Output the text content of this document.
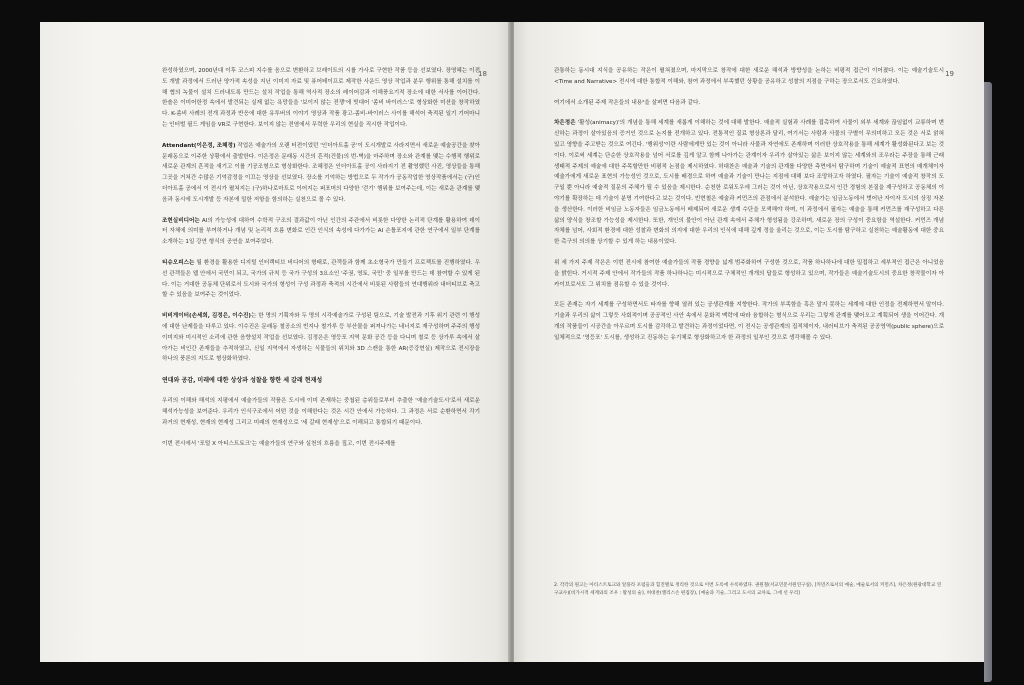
18

완성하였으며, 2000년대 이후 코스피 지수를 음으로 변환하고 브레이트의 시를 가사로 구현한 작품 등을 선보였다. 장영혜는 이전도 개발 과정에서 드러난 양가적 속성을 지닌 이미지 자료 및 퓨어테이프로 제작한 사운드 영상 작업과 분무 행위를 통해 설치를 이해 협의 녹물이 설치 드러내도록 만드는 설치 작업을 통해 역사적 장소의 레이어감과 이해풍요기적 장소에 대한 서사를 이어간다. 한솔은 이미어한정 속에서 발견되는 실제 없는 욕망들을 '보이지 않는 전쟁'에 빗대어 '좀비 바이러스'로 형상화한 미션을 창작하였다. K-좀비 사례의 전개 과정과 반응에 대한 유투버의 이야기 영상과 작품 광고-좀비-바이러스 사이를 해석어 축적된 일기 기어마니는 인터벌 필드 게임을 VR로 구현한다. 보이지 않는 전염에서 무력한 우리의 현실을 직시한 작업이다.

Attendant(이은정, 조혜정) 작업은 예술가의 오랜 터전이었던 '인더아트홀 공'이 도시개발로 사라지면서 새로운 예술공간을 찾아 문래동으로 이주한 상황에서 출발한다. 이은정은 문래동 시간의 흔적(건물)의 번-벽)을 마주하며 장소와 관계를 맺는 수행적 행위로 새로운 관계의 흔적을 새기고 이를 기공조형으로 형상화한다. 조혜정은 인더아트홀 공이 사라지기 전 촬영했던 사진, 영상들을 통해 그곳을 거쳐간 수많은 기억감정을 이끄는 영상을 선보였다. 장소를 기억하는 방법으로 두 작가가 공동작업한 영상작품에서는 (구)인더아트홀 공에서 이 전시가 펼쳐지는 (구)하나로마트로 이어지는 퍼포머의 다양한 '걷기' 행위를 보여주는데, 이는 새로운 관계를 맺음과 동시에 도시개발 등 자본에 밀한 저항을 함의하는 실천으로 볼 수 있다.

조현실비디어는 AI의 가능성에 대하여 수학적 구조의 결과값이 아닌 인간의 주관에서 비롯한 다양한 논리적 단계를 활용하여 데이터 자체에 의미를 부여하거나 개념 및 논리적 흐름 변화로 인간 인식의 속성에 다가가는 AI 손틀포지에 관한 연구에서 일부 단계를 소개하는 1일 강연 형식의 공연을 보여주었다.

티슈오피스는 월 환경을 활용한 디지털 인터랙티브 비디어의 형태로, 관객들과 함께 초소형국가 만들기 프로젝트를 진행하였다. 우선 관객들은 웹 안에서 국민이 되고, 국가의 규칙 등 국가 구성의 3요소인 '주권, 영토, 국민' 중 일부를 만드는 데 참여할 수 있게 된다. 이는 거대한 공동체 단위로서 도시와 국가의 형성이 구성 과정과 축적의 시간에서 비롯된 사람들의 연대행위라 내터티브로 축고할 수 있음을 보여주는 것이었다.

비비게이터(손세희, 김정은, 이수진)는 한 명의 기획자와 두 명의 시각예술가로 구성된 팀으로, 기술 발전과 기후 위기 관련 이 행성에 대한 난제들을 다루고 있다. 이수진은 문래동 철공소의 빈지나 철가루 등 부산물을 퍼져나가는 네너지로 재구성하며 주주의 행성 이미지와 미시적인 소리에 관한 음향설치 작업을 선보였다. 김정은은 영등포 지역 문화 공간 등을 다니며 철로 등 상가루 속에서 살아가는 비인간 존재들을 추적하였고, 신일 지역에서 자생하는 식물들의 위치와 3D 스캔을 통한 AR(증강현실) 제작으로 전시장을 하나의 풍론의 지도로 형상화하였다.

연대와 공감, 미래에 대한 상상과 성찰을 향한 세 갈래 현재성

우리의 이해와 해석의 지평에서 예술가들의 작품은 도시에 이미 존재하는 중첩된 층위들로부터 추출한 '예술기술도시'로서 새로운 해석가능성을 보여준다. 우리가 인식구조에서 어떤 것을 이해한다는 것은 시간 안에서 가능하다. 그 과정은 서로 순환하면서 각기 과거의 현재성, 현재의 현재성 그리고 미래의 현재성으로 '세 갈래 현재성'으로 이해되고 통합되기 때문이다.

이번 전시에서 '포털 X 아티스트토크'는 예술가들의 연구와 실천의 흐름을 짚고, 이번 전시주제를

19

관통하는 동시대 지식을 공유하는 작은이 펼쳐졌으며, 마지막으로 창작에 대한 새로운 해석과 방향성을 논하는 비평적 접근이 이어졌다. 이는 예술기술도시 <Time and Narrative> 전시에 대한 통합적 이해와, 참여 과정에서 부족했던 상황을 공유하고 성찰의 지점을 구하는 장으로서도 긴요하였다.

여기에서 소개된 주제 작은들의 내용²을 살펴면 다음과 같다.

차은정은 '활성(animacy)'의 개념을 통해 세계를 새롭게 이해하는 것에 대해 발한다. 예술적 실험과 사례를 접촉하여 사물이 외부 세계와 끊임없이 교류하며 변신하는 과정이 살아있음의 증거인 것으로 논지를 전개하고 있다. 전통적인 질료 형상론과 달리, 여기서는 사람과 사물의 구별이 무의미하고 모든 것은 서로 얽혀있고 영향을 주고받는 것으로 여긴다. '행위성'이란 사람에게만 있는 것이 아니라 사물과 자연에도 존재하며 이러한 상호작용을 통해 세계가 활성화된다고 보는 것이다. 이로써 세계는 단순한 상호작용을 넘어 서로를 깊게 알고 함께 나아가는 관계이자 우리가 살아있는 삶은 보이지 않는 세계와의 조우라는 주장을 통해 근래 생태적 주제의 예술에 대한 주목할만한 비평적 논점을 제시하였다. 허대찬은 예술과 기술의 관계를 다양한 측면에서 탐구하며 기술이 예술적 표현의 매개체이자 예술가에게 새로운 표현의 가능성인 것으로, 도시를 배경으로 하여 예술과 기술이 만나는 지점에 대해 보다 조망하고자 하였다. 필자는 기술이 예술적 창작의 도구일 뿐 아니라 예술적 질문의 주체가 될 수 있음을 제시한다. 순천한 로워도우에 그러는 것이 아닌, 상호작용으로서 인간 경험의 본질을 재구성하고 공동체의 이야기를 확장하는 데 기술이 분명 기여한다고 보는 것이다. 빈현철은 예술과 커먼즈의 관점에서 분석한다. 예술가는 임금노동에서 벗어난 자이자 도시의 상징 자본을 생산한다. 이러한 비임금 노동자들은 임금노동에서 배제되어 새로운 생계 수단을 모색해야 하며, 이 과정에서 필자는 예술을 통해 커먼즈를 재구성하고 다른 삶의 양식을 창조할 가능성을 제시한다. 또한, 개인의 불안이 아닌 관계 속에서 주체가 형성됨을 강조하며, 새로운 장의 구성이 중요함을 역설한다. 커먼즈 개념 자체를 넘어, 사회적 환경에 대한 성찰과 변화의 의지에 대한 우리의 인식에 대해 깊게 정을 울리는 것으로, 이는 도시를 탐구하고 실천하는 예술활동에 대한 중요한 촉구의 의의를 상기할 수 있게 하는 내용이었다.

위 세 가지 주제 작은은 이번 전시에 참여한 예술가들의 작품 경향을 넓게 범주화하여 구성한 것으로, 작품 하나하나에 대한 밀접하고 세부적인 접근은 아니었음을 밝힌다. 거시적 주제 안에서 작가들의 작품 하나하나는 미시적으로 구체적인 개개의 답들로 형성하고 있으며, 작가들은 예술기술도시의 중요한 창작물이자 아카이브로서도 그 위치를 점유할 수 있을 것이다.

모든 존재는 자기 세계를 구성하면서도 타자를 향해 열려 있는 공생관계를 지향한다. 작가의 부족함을 혹은 말지 못하는 세계에 대한 인정을 전제하면서 말이다. 기술과 우리의 삶이 그렇듯 사회적이며 공공적인 사안 속에서 문화적 맥락에 따라 융합하는 형식으로 우리는 그렇게 관계를 맺어오고 계획되어 생을 이어간다. 개개의 작품들이 시공간을 아우르며 도시를 감각하고 발견하는 과정이었다면, 이 전시는 공생관계의 집적체이자, 내러티브가 축적된 공공영역(public sphere)으로 일체적으로 '영등포' 도시를, 생성하고 진동하는 유기체로 형상화하고자 한 과정의 일부인 것으로 생각해볼 수 있다.

2. 각각의 원고는 아티스트토크와 알플라 포럼들과 힐진별로 정리한 것으로 이번 도록에 수록하였다. 권원철(서교민문서원연구실), [커먼즈로서의 예술, 예술로서의 커먼즈], 차은정(원광대학교 연구교수)[비가시적 세계와의 조우 : 활성의 술], 허대찬(엘리스손 편집장), [예술과 기술, 그리고 도시의 교차로, 그에 선 우리]
